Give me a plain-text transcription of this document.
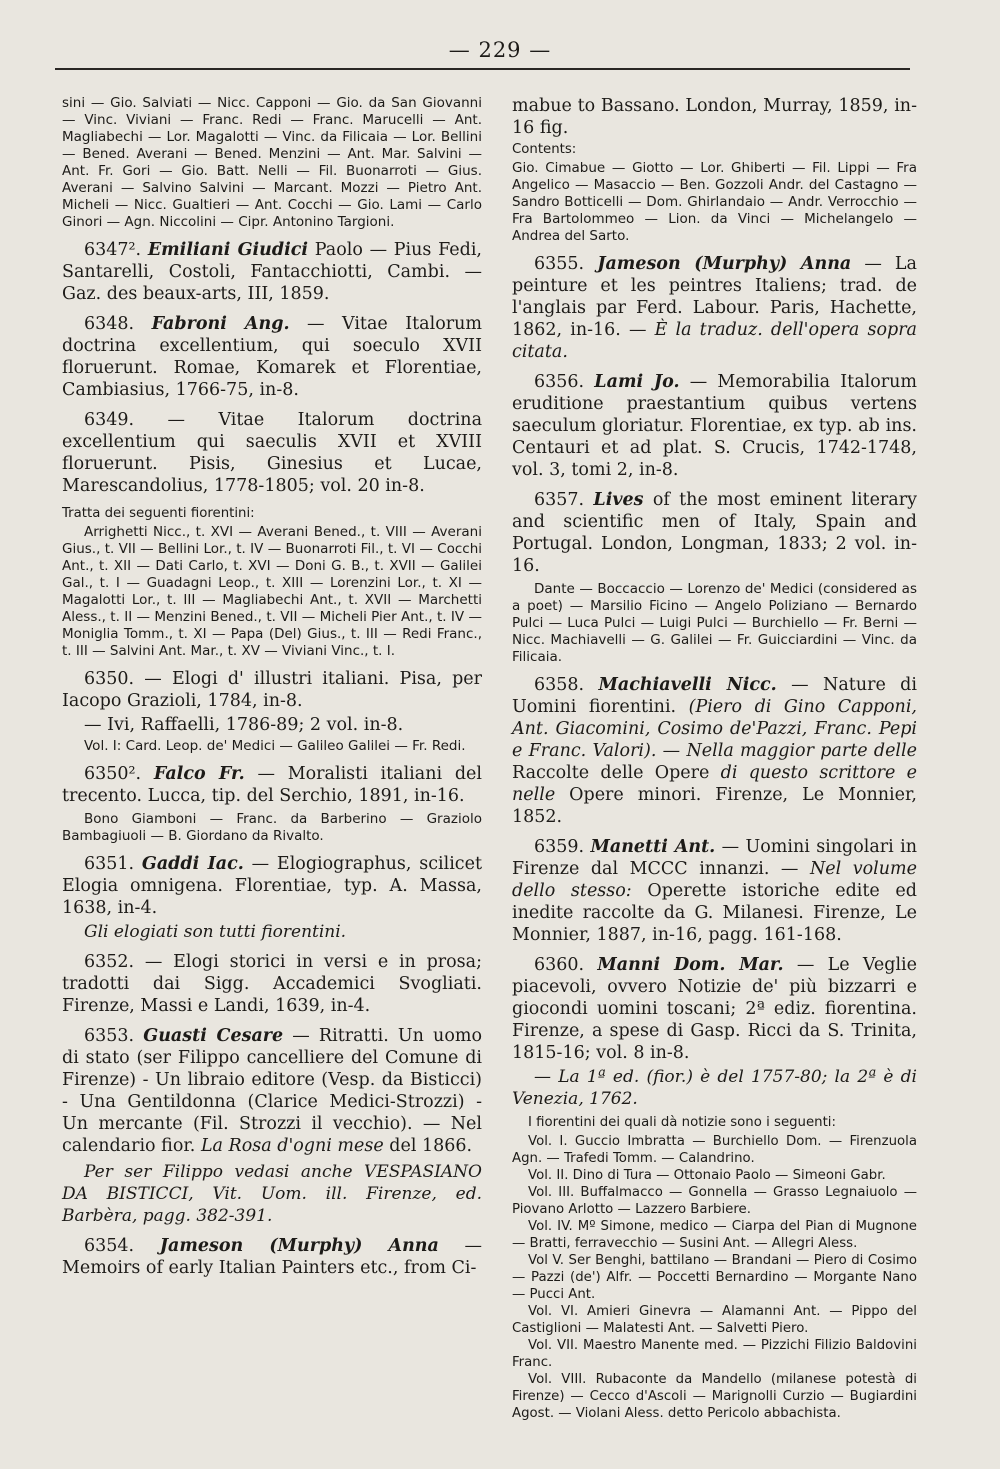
— 229 —

sini — Gio. Salviati — Nicc. Capponi — Gio. da San Giovanni — Vinc. Viviani — Franc. Redi — Franc. Marucelli — Ant. Magliabechi — Lor. Magalotti — Vinc. da Filicaia — Lor. Bellini — Bened. Averani — Bened. Menzini — Ant. Mar. Salvini — Ant. Fr. Gori — Gio. Batt. Nelli — Fil. Buonarroti — Gius. Averani — Salvino Salvini — Marcant. Mozzi — Pietro Ant. Micheli — Nicc. Gualtieri — Ant. Cocchi — Gio. Lami — Carlo Ginori — Agn. Niccolini — Cipr. Antonino Targioni.

6347². Emiliani Giudici Paolo — Pius Fedi, Santarelli, Costoli, Fantacchiotti, Cambi. — Gaz. des beaux-arts, III, 1859.

6348. Fabroni Ang. — Vitae Italorum doctrina excellentium, qui soeculo XVII floruerunt. Romae, Komarek et Florentiae, Cambiasius, 1766-75, in-8.

6349. — Vitae Italorum doctrina excellentium qui saeculis XVII et XVIII floruerunt. Pisis, Ginesius et Lucae, Marescandolius, 1778-1805; vol. 20 in-8.

Tratta dei seguenti fiorentini:

Arrighetti Nicc., t. XVI — Averani Bened., t. VIII — Averani Gius., t. VII — Bellini Lor., t. IV — Buonarroti Fil., t. VI — Cocchi Ant., t. XII — Dati Carlo, t. XVI — Doni G. B., t. XVII — Galilei Gal., t. I — Guadagni Leop., t. XIII — Lorenzini Lor., t. XI — Magalotti Lor., t. III — Magliabechi Ant., t. XVII — Marchetti Aless., t. II — Menzini Bened., t. VII — Micheli Pier Ant., t. IV — Moniglia Tomm., t. XI — Papa (Del) Gius., t. III — Redi Franc., t. III — Salvini Ant. Mar., t. XV — Viviani Vinc., t. I.

6350. — Elogi d' illustri italiani. Pisa, per Iacopo Grazioli, 1784, in-8.

— Ivi, Raffaelli, 1786-89; 2 vol. in-8.

Vol. I: Card. Leop. de' Medici — Galileo Galilei — Fr. Redi.

6350². Falco Fr. — Moralisti italiani del trecento. Lucca, tip. del Serchio, 1891, in-16.

Bono Giamboni — Franc. da Barberino — Graziolo Bambagiuoli — B. Giordano da Rivalto.

6351. Gaddi Iac. — Elogiographus, scilicet Elogia omnigena. Florentiae, typ. A. Massa, 1638, in-4.

Gli elogiati son tutti fiorentini.

6352. — Elogi storici in versi e in prosa; tradotti dai Sigg. Accademici Svogliati. Firenze, Massi e Landi, 1639, in-4.

6353. Guasti Cesare — Ritratti. Un uomo di stato (ser Filippo cancelliere del Comune di Firenze) - Un libraio editore (Vesp. da Bisticci) - Una Gentildonna (Clarice Medici-Strozzi) - Un mercante (Fil. Strozzi il vecchio). — Nel calendario fior. La Rosa d'ogni mese del 1866.

Per ser Filippo vedasi anche VESPASIANO DA BISTICCI, Vit. Uom. ill. Firenze, ed. Barbèra, pagg. 382-391.

6354. Jameson (Murphy) Anna — Memoirs of early Italian Painters etc., from Ci-

mabue to Bassano. London, Murray, 1859, in-16 fig.

Contents:

Gio. Cimabue — Giotto — Lor. Ghiberti — Fil. Lippi — Fra Angelico — Masaccio — Ben. Gozzoli Andr. del Castagno — Sandro Botticelli — Dom. Ghirlandaio — Andr. Verrocchio — Fra Bartolommeo — Lion. da Vinci — Michelangelo — Andrea del Sarto.

6355. Jameson (Murphy) Anna — La peinture et les peintres Italiens; trad. de l'anglais par Ferd. Labour. Paris, Hachette, 1862, in-16. — È la traduz. dell'opera sopra citata.

6356. Lami Jo. — Memorabilia Italorum eruditione praestantium quibus vertens saeculum gloriatur. Florentiae, ex typ. ab ins. Centauri et ad plat. S. Crucis, 1742-1748, vol. 3, tomi 2, in-8.

6357. Lives of the most eminent literary and scientific men of Italy, Spain and Portugal. London, Longman, 1833; 2 vol. in-16.

Dante — Boccaccio — Lorenzo de' Medici (considered as a poet) — Marsilio Ficino — Angelo Poliziano — Bernardo Pulci — Luca Pulci — Luigi Pulci — Burchiello — Fr. Berni — Nicc. Machiavelli — G. Galilei — Fr. Guicciardini — Vinc. da Filicaia.

6358. Machiavelli Nicc. — Nature di Uomini fiorentini. (Piero di Gino Capponi, Ant. Giacomini, Cosimo de'Pazzi, Franc. Pepi e Franc. Valori). — Nella maggior parte delle Raccolte delle Opere di questo scrittore e nelle Opere minori. Firenze, Le Monnier, 1852.

6359. Manetti Ant. — Uomini singolari in Firenze dal MCCC innanzi. — Nel volume dello stesso: Operette istoriche edite ed inedite raccolte da G. Milanesi. Firenze, Le Monnier, 1887, in-16, pagg. 161-168.

6360. Manni Dom. Mar. — Le Veglie piacevoli, ovvero Notizie de' più bizzarri e giocondi uomini toscani; 2ª ediz. fiorentina. Firenze, a spese di Gasp. Ricci da S. Trinita, 1815-16; vol. 8 in-8.

— La 1ª ed. (fior.) è del 1757-80; la 2ª è di Venezia, 1762.

I fiorentini dei quali dà notizie sono i seguenti:

Vol. I. Guccio Imbratta — Burchiello Dom. — Firenzuola Agn. — Trafedi Tomm. — Calandrino.

Vol. II. Dino di Tura — Ottonaio Paolo — Simeoni Gabr.

Vol. III. Buffalmacco — Gonnella — Grasso Legnaiuolo — Piovano Arlotto — Lazzero Barbiere.

Vol. IV. Mº Simone, medico — Ciarpa del Pian di Mugnone — Bratti, ferravecchio — Susini Ant. — Allegri Aless.

Vol V. Ser Benghi, battilano — Brandani — Piero di Cosimo — Pazzi (de') Alfr. — Poccetti Bernardino — Morgante Nano — Pucci Ant.

Vol. VI. Amieri Ginevra — Alamanni Ant. — Pippo del Castiglioni — Malatesti Ant. — Salvetti Piero.

Vol. VII. Maestro Manente med. — Pizzichi Filizio Baldovini Franc.

Vol. VIII. Rubaconte da Mandello (milanese potestà di Firenze) — Cecco d'Ascoli — Marignolli Curzio — Bugiardini Agost. — Violani Aless. detto Pericolo abbachista.
